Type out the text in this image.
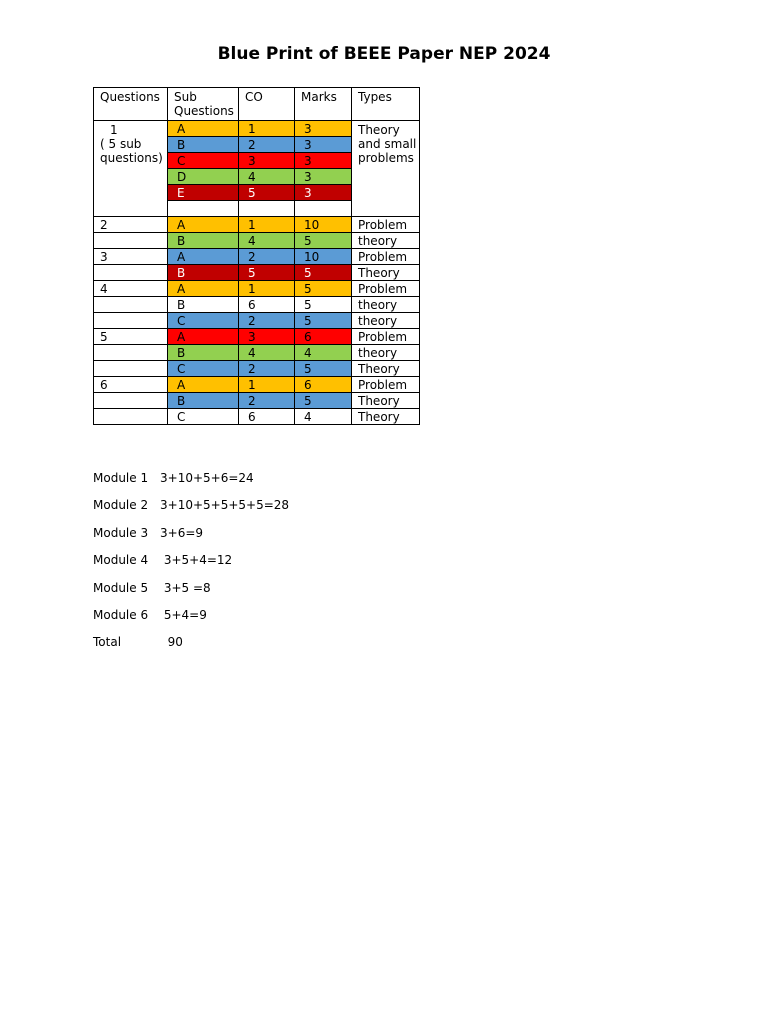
Blue Print of BEEE Paper NEP 2024
Questions	Sub Questions	CO	Marks	Types

1
( 5 sub questions)	A	1	3	Theory and small problems
	B	2	3	
	C	3	3	
	D	4	3	
	E	5	3	

2	A	1	10	Problem
	B	4	5	theory
3	A	2	10	Problem
	B	5	5	Theory
4	A	1	5	Problem
	B	6	5	theory
	C	2	5	theory
5	A	3	6	Problem
	B	4	4	theory
	C	2	5	Theory
6	A	1	6	Problem
	B	2	5	Theory
	C	6	4	Theory
Module 1 3+10+5+6=24
Module 2 3+10+5+5+5+5=28
Module 3 3+6=9
Module 4 3+5+4=12
Module 5 3+5 =8
Module 6 5+4=9
Total	90
